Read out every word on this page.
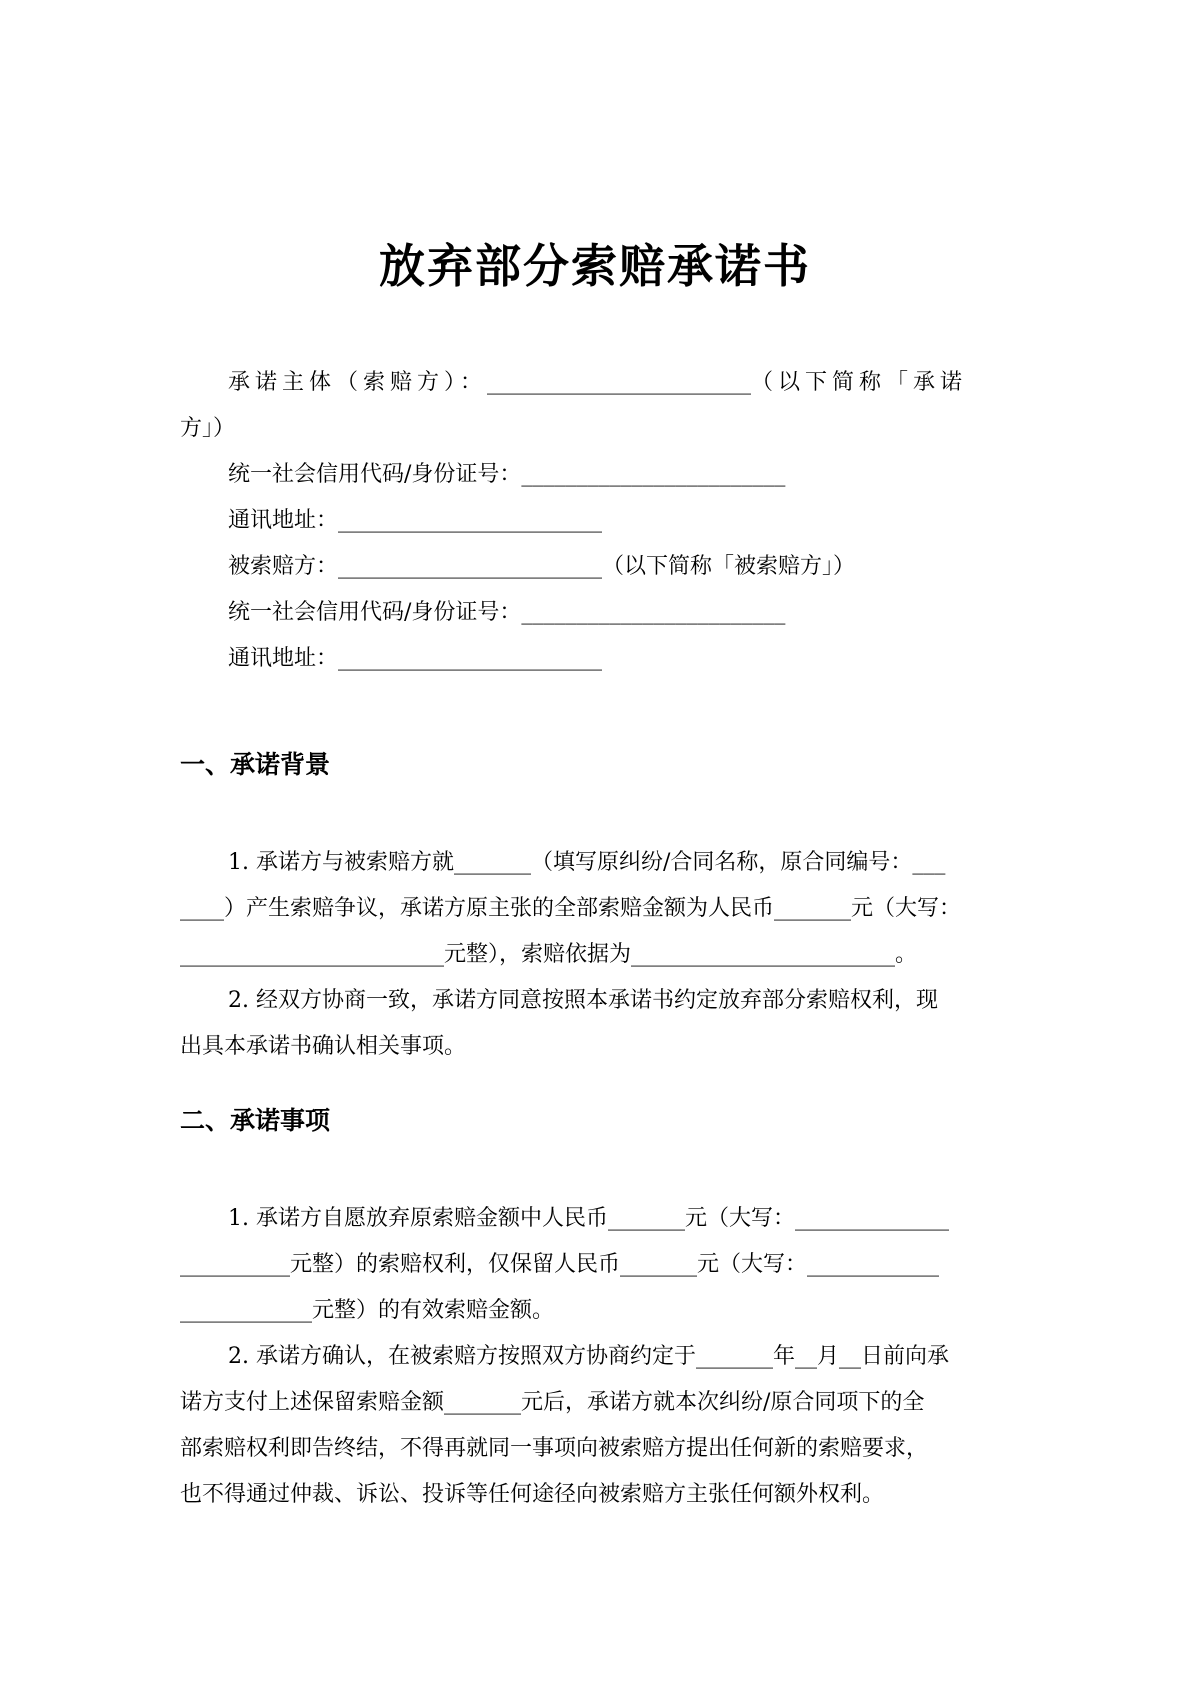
放弃部分索赔承诺书

承诺主体（索赔方）：________________________（以下简称「承诺

方」）

统一社会信用代码/身份证号：________________________

通讯地址：________________________

被索赔方：________________________（以下简称「被索赔方」）

统一社会信用代码/身份证号：________________________

通讯地址：________________________

一、承诺背景

1. 承诺方与被索赔方就_______（填写原纠纷/合同名称，原合同编号：___

____）产生索赔争议，承诺方原主张的全部索赔金额为人民币_______元（大写：

________________________元整），索赔依据为________________________。

2. 经双方协商一致，承诺方同意按照本承诺书约定放弃部分索赔权利，现

出具本承诺书确认相关事项。

二、承诺事项

1. 承诺方自愿放弃原索赔金额中人民币_______元（大写：______________

__________元整）的索赔权利，仅保留人民币_______元（大写：____________

____________元整）的有效索赔金额。

2. 承诺方确认，在被索赔方按照双方协商约定于_______年__月__日前向承

诺方支付上述保留索赔金额_______元后，承诺方就本次纠纷/原合同项下的全

部索赔权利即告终结，不得再就同一事项向被索赔方提出任何新的索赔要求，

也不得通过仲裁、诉讼、投诉等任何途径向被索赔方主张任何额外权利。
